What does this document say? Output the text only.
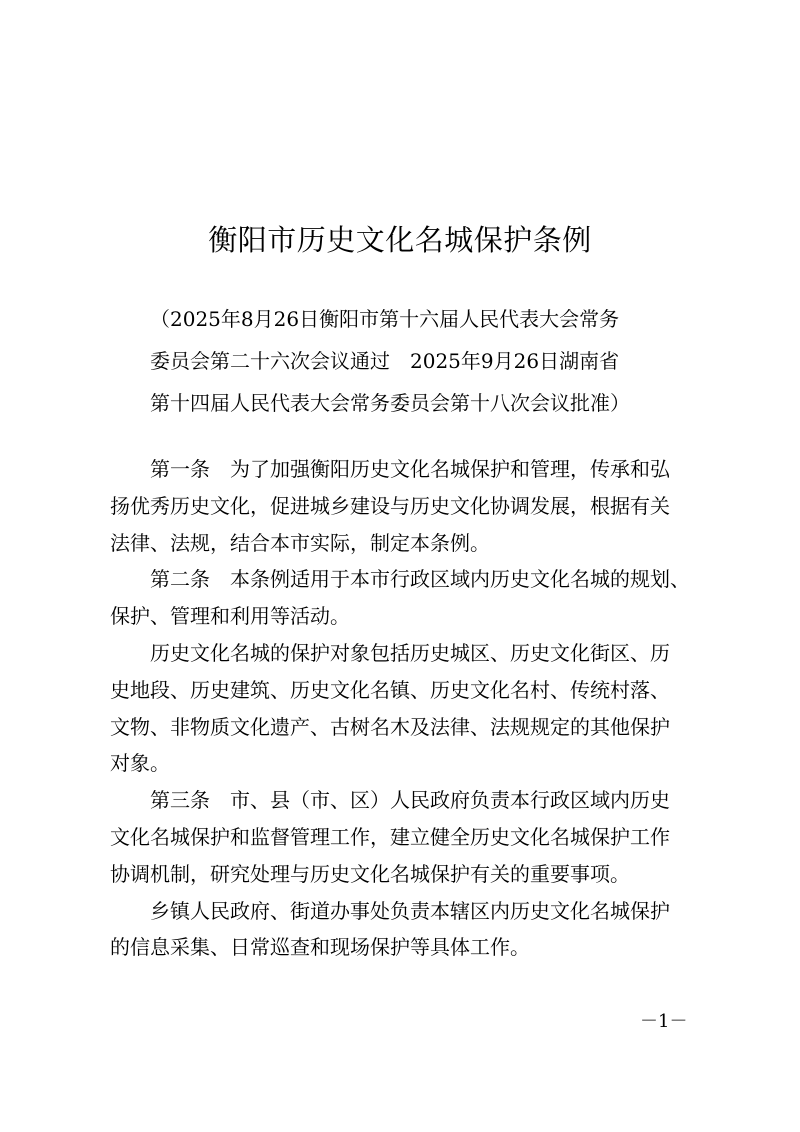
衡阳市历史文化名城保护条例
（2025年8月26日衡阳市第十六届人民代表大会常务
委员会第二十六次会议通过　2025年9月26日湖南省
第十四届人民代表大会常务委员会第十八次会议批准）
第一条　为了加强衡阳历史文化名城保护和管理，传承和弘
扬优秀历史文化，促进城乡建设与历史文化协调发展，根据有关
法律、法规，结合本市实际，制定本条例。
第二条　本条例适用于本市行政区域内历史文化名城的规划、
保护、管理和利用等活动。
历史文化名城的保护对象包括历史城区、历史文化街区、历
史地段、历史建筑、历史文化名镇、历史文化名村、传统村落、
文物、非物质文化遗产、古树名木及法律、法规规定的其他保护
对象。
第三条　市、县（市、区）人民政府负责本行政区域内历史
文化名城保护和监督管理工作，建立健全历史文化名城保护工作
协调机制，研究处理与历史文化名城保护有关的重要事项。
乡镇人民政府、街道办事处负责本辖区内历史文化名城保护
的信息采集、日常巡查和现场保护等具体工作。
－1－
